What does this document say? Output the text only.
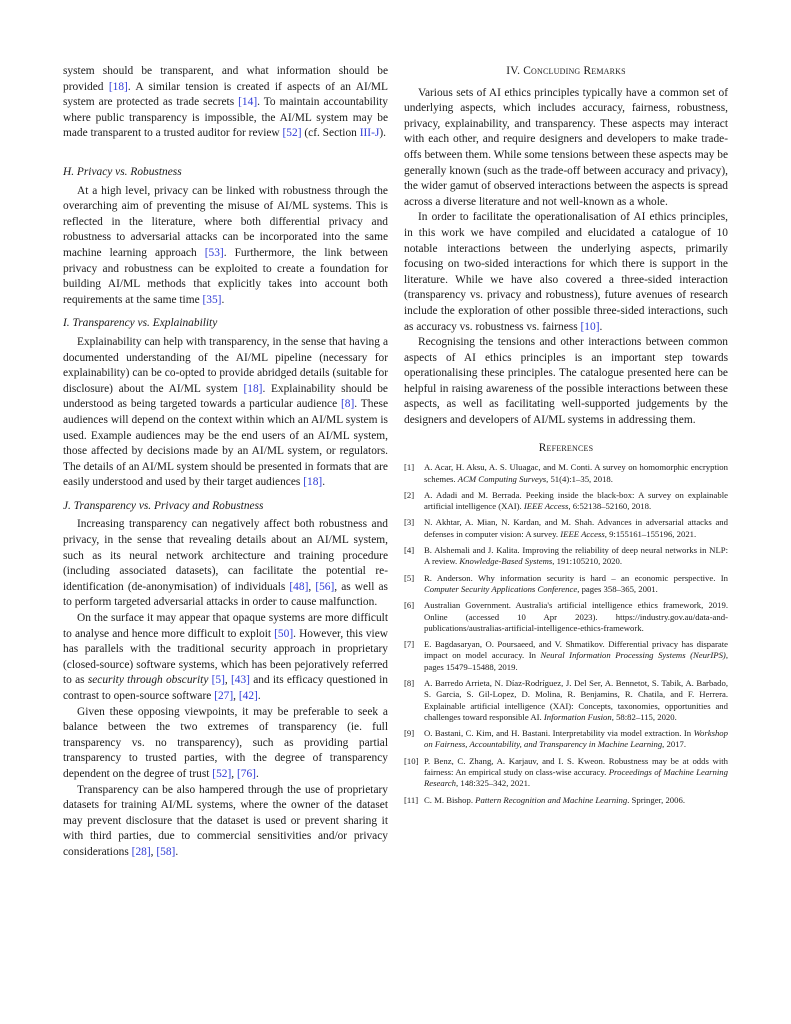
system should be transparent, and what information should be provided [18]. A similar tension is created if aspects of an AI/ML system are protected as trade secrets [14]. To maintain accountability where public transparency is impossible, the AI/ML system may be made transparent to a trusted auditor for review [52] (cf. Section III-J).

H. Privacy vs. Robustness

At a high level, privacy can be linked with robustness through the overarching aim of preventing the misuse of AI/ML systems. This is reflected in the literature, where both differential privacy and robustness to adversarial attacks can be incorporated into the same machine learning approach [53]. Furthermore, the link between privacy and robustness can be exploited to create a foundation for building AI/ML methods that explicitly takes into account both requirements at the same time [35].

I. Transparency vs. Explainability

Explainability can help with transparency, in the sense that having a documented understanding of the AI/ML pipeline (necessary for explainability) can be co-opted to provide abridged details (suitable for disclosure) about the AI/ML system [18]. Explainability should be understood as being targeted towards a particular audience [8]. These audiences will depend on the context within which an AI/ML system is used. Example audiences may be the end users of an AI/ML system, those affected by decisions made by an AI/ML system, or regulators. The details of an AI/ML system should be presented in formats that are easily understood and used by their target audiences [18].

J. Transparency vs. Privacy and Robustness

Increasing transparency can negatively affect both robustness and privacy, in the sense that revealing details about an AI/ML system, such as its neural network architecture and training procedure (including associated datasets), can facilitate the potential re-identification (de-anonymisation) of individuals [48], [56], as well as to perform targeted adversarial attacks in order to cause malfunction.

On the surface it may appear that opaque systems are more difficult to analyse and hence more difficult to exploit [50]. However, this view has parallels with the traditional security approach in proprietary (closed-source) software systems, which has been pejoratively referred to as security through obscurity [5], [43] and its efficacy questioned in contrast to open-source software [27], [42].

Given these opposing viewpoints, it may be preferable to seek a balance between the two extremes of transparency (ie. full transparency vs. no transparency), such as providing partial transparency to trusted parties, with the degree of transparency dependent on the degree of trust [52], [76].

Transparency can be also hampered through the use of proprietary datasets for training AI/ML systems, where the owner of the dataset may prevent disclosure that the dataset is used or prevent sharing it with third parties, due to commercial sensitivities and/or privacy considerations [28], [58].

IV. Concluding Remarks

Various sets of AI ethics principles typically have a common set of underlying aspects, which includes accuracy, fairness, robustness, privacy, explainability, and transparency. These aspects may interact with each other, and require designers and developers to make trade-offs between them. While some tensions between these aspects may be generally known (such as the trade-off between accuracy and privacy), the wider gamut of observed interactions between the aspects is spread across a diverse literature and not well-known as a whole.

In order to facilitate the operationalisation of AI ethics principles, in this work we have compiled and elucidated a catalogue of 10 notable interactions between the underlying aspects, primarily focusing on two-sided interactions for which there is support in the literature. While we have also covered a three-sided interaction (transparency vs. privacy and robustness), future avenues of research include the exploration of other possible three-sided interactions, such as accuracy vs. robustness vs. fairness [10].

Recognising the tensions and other interactions between common aspects of AI ethics principles is an important step towards operationalising these principles. The catalogue presented here can be helpful in raising awareness of the possible interactions between these aspects, as well as facilitating well-supported judgements by the designers and developers of AI/ML systems in addressing them.

References

[1] A. Acar, H. Aksu, A. S. Uluagac, and M. Conti. A survey on homomorphic encryption schemes. ACM Computing Surveys, 51(4):1–35, 2018.

[2] A. Adadi and M. Berrada. Peeking inside the black-box: A survey on explainable artificial intelligence (XAI). IEEE Access, 6:52138–52160, 2018.

[3] N. Akhtar, A. Mian, N. Kardan, and M. Shah. Advances in adversarial attacks and defenses in computer vision: A survey. IEEE Access, 9:155161–155196, 2021.

[4] B. Alshemali and J. Kalita. Improving the reliability of deep neural networks in NLP: A review. Knowledge-Based Systems, 191:105210, 2020.

[5] R. Anderson. Why information security is hard – an economic perspective. In Computer Security Applications Conference, pages 358–365, 2001.

[6] Australian Government. Australia's artificial intelligence ethics framework, 2019. Online (accessed 10 Apr 2023). https://industry.gov.au/data-and-publications/australias-artificial-intelligence-ethics-framework.

[7] E. Bagdasaryan, O. Poursaeed, and V. Shmatikov. Differential privacy has disparate impact on model accuracy. In Neural Information Processing Systems (NeurIPS), pages 15479–15488, 2019.

[8] A. Barredo Arrieta, N. Díaz-Rodríguez, J. Del Ser, A. Bennetot, S. Tabik, A. Barbado, S. Garcia, S. Gil-Lopez, D. Molina, R. Benjamins, R. Chatila, and F. Herrera. Explainable artificial intelligence (XAI): Concepts, taxonomies, opportunities and challenges toward responsible AI. Information Fusion, 58:82–115, 2020.

[9] O. Bastani, C. Kim, and H. Bastani. Interpretability via model extraction. In Workshop on Fairness, Accountability, and Transparency in Machine Learning, 2017.

[10] P. Benz, C. Zhang, A. Karjauv, and I. S. Kweon. Robustness may be at odds with fairness: An empirical study on class-wise accuracy. Proceedings of Machine Learning Research, 148:325–342, 2021.

[11] C. M. Bishop. Pattern Recognition and Machine Learning. Springer, 2006.
